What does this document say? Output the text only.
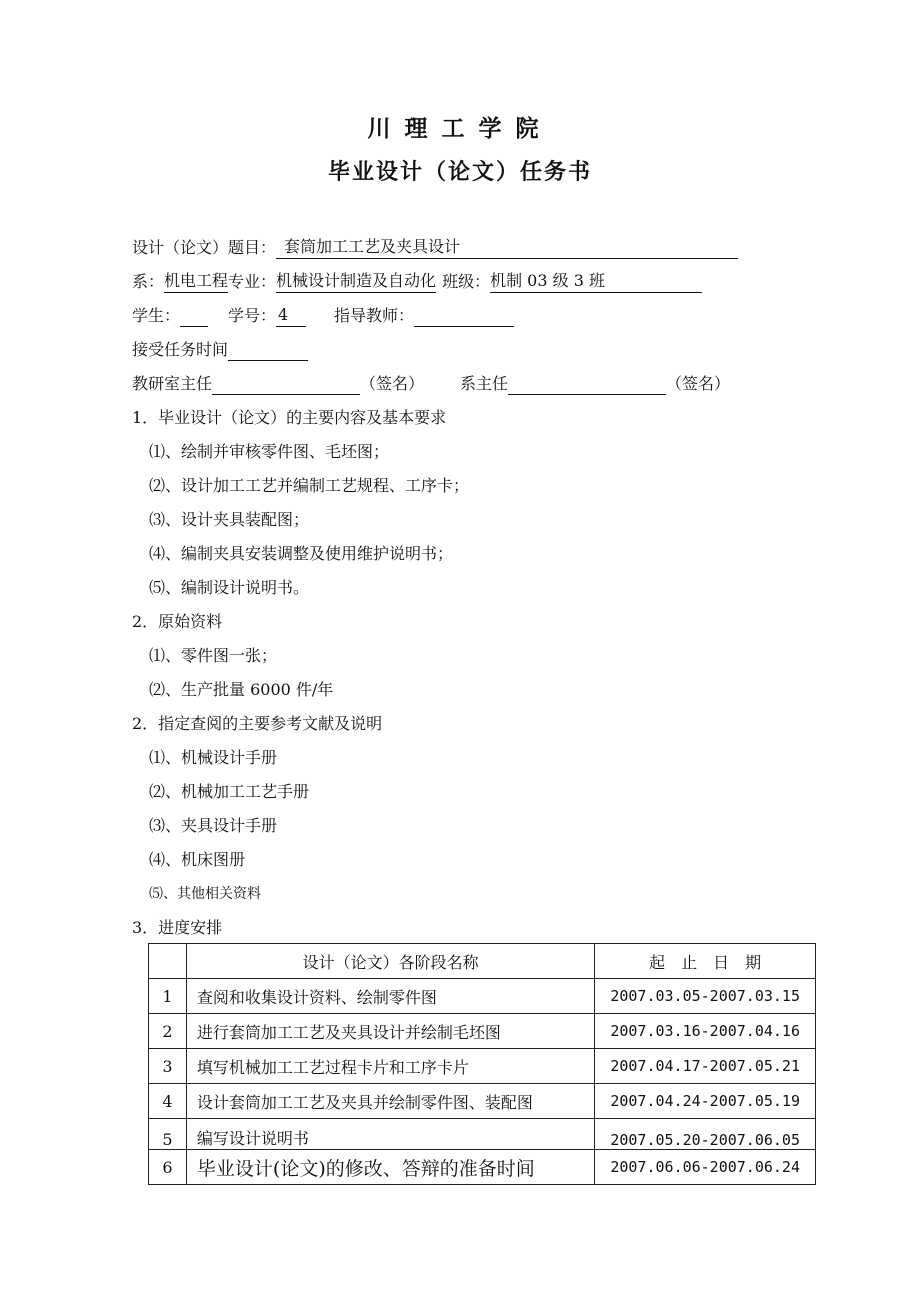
川理工学院
毕业设计（论文）任务书
设计（论文）题目： 套筒加工工艺及夹具设计
系：机电工程专业：机械设计制造及自动化 班级：机制 03 级 3 班
学生：	学号： 4	指导教师：
接受任务时间
教研室主任	（签名） 系主任	（签名）
1．毕业设计（论文）的主要内容及基本要求
⑴、绘制并审核零件图、毛坯图；
⑵、设计加工工艺并编制工艺规程、工序卡；
⑶、设计夹具装配图；
⑷、编制夹具安装调整及使用维护说明书；
⑸、编制设计说明书。
2．原始资料
⑴、零件图一张；
⑵、生产批量 6000 件/年
2．指定查阅的主要参考文献及说明
⑴、机械设计手册
⑵、机械加工工艺手册
⑶、夹具设计手册
⑷、机床图册
⑸、其他相关资料
3．进度安排
	设计（论文）各阶段名称	起　止　日　期
1	查阅和收集设计资料、绘制零件图	2007.03.05-2007.03.15
2	进行套筒加工工艺及夹具设计并绘制毛坯图	2007.03.16-2007.04.16
3	填写机械加工工艺过程卡片和工序卡片	2007.04.17-2007.05.21
4	设计套筒加工工艺及夹具并绘制零件图、装配图	2007.04.24-2007.05.19
5	编写设计说明书	2007.05.20-2007.06.05
6	毕业设计(论文)的修改、答辩的准备时间	2007.06.06-2007.06.24
